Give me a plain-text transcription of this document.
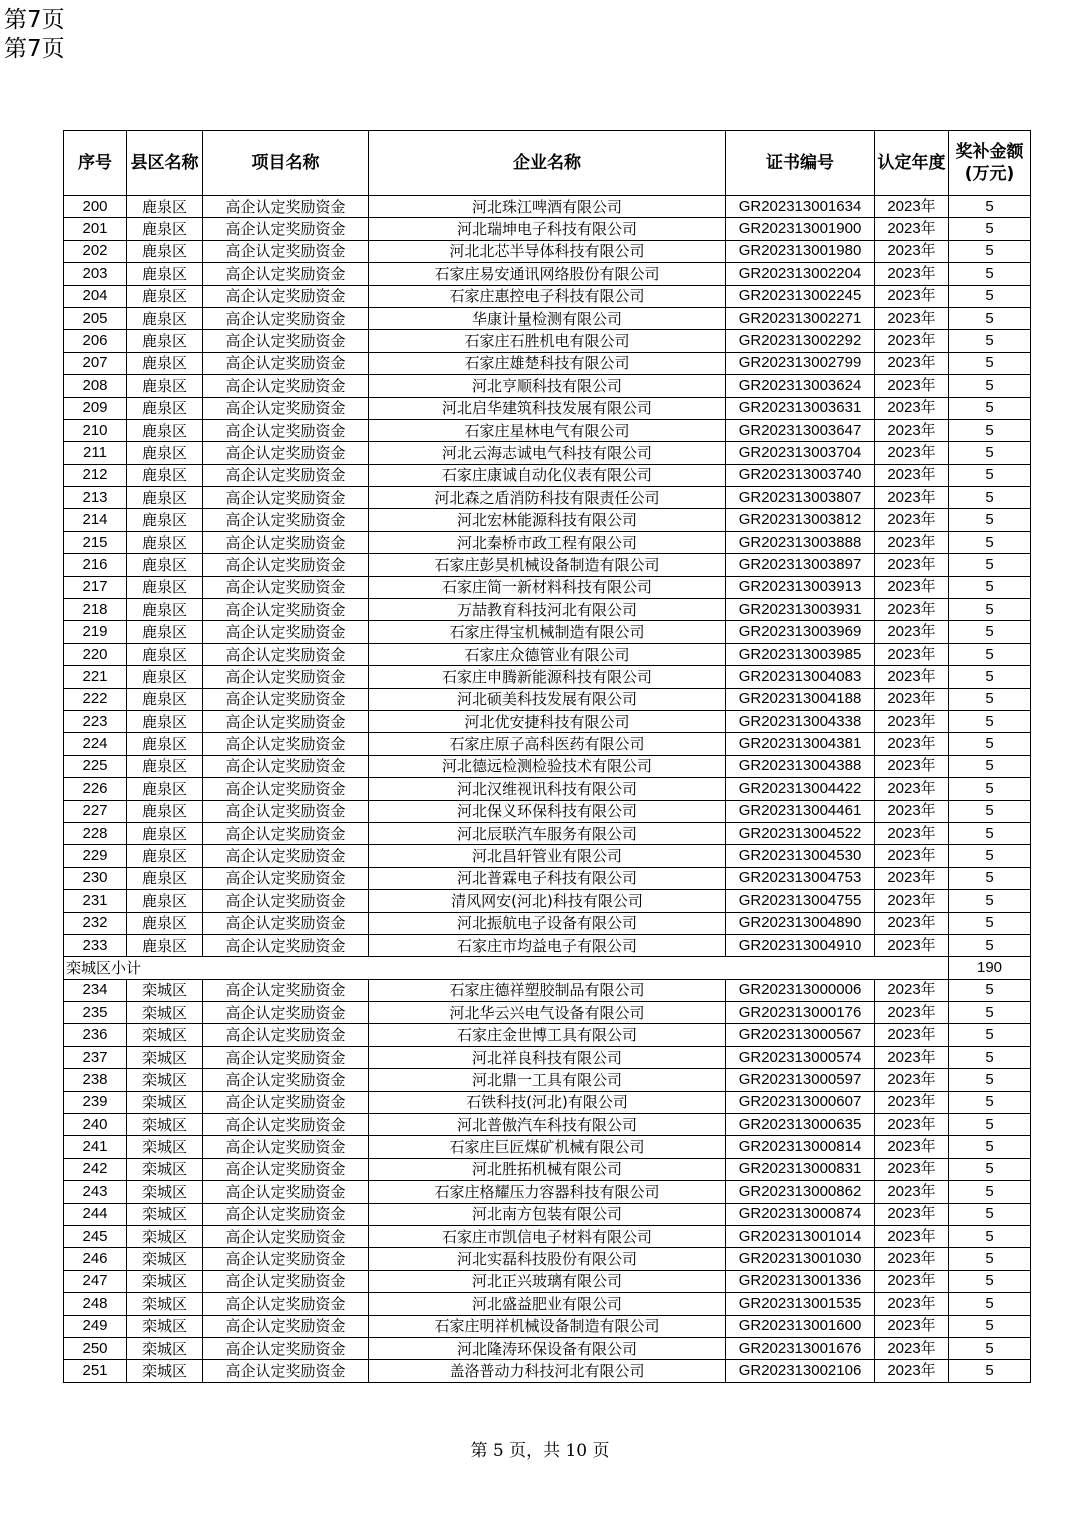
第7页
第7页
序号	县区名称	项目名称	企业名称	证书编号	认定年度	奖补金额
(万元)

200	鹿泉区	高企认定奖励资金	河北珠江啤酒有限公司	GR202313001634	2023年	5
201	鹿泉区	高企认定奖励资金	河北瑞坤电子科技有限公司	GR202313001900	2023年	5
202	鹿泉区	高企认定奖励资金	河北北芯半导体科技有限公司	GR202313001980	2023年	5
203	鹿泉区	高企认定奖励资金	石家庄易安通讯网络股份有限公司	GR202313002204	2023年	5
204	鹿泉区	高企认定奖励资金	石家庄惠控电子科技有限公司	GR202313002245	2023年	5
205	鹿泉区	高企认定奖励资金	华康计量检测有限公司	GR202313002271	2023年	5
206	鹿泉区	高企认定奖励资金	石家庄石胜机电有限公司	GR202313002292	2023年	5
207	鹿泉区	高企认定奖励资金	石家庄雄楚科技有限公司	GR202313002799	2023年	5
208	鹿泉区	高企认定奖励资金	河北亨顺科技有限公司	GR202313003624	2023年	5
209	鹿泉区	高企认定奖励资金	河北启华建筑科技发展有限公司	GR202313003631	2023年	5
210	鹿泉区	高企认定奖励资金	石家庄星林电气有限公司	GR202313003647	2023年	5
211	鹿泉区	高企认定奖励资金	河北云海志诚电气科技有限公司	GR202313003704	2023年	5
212	鹿泉区	高企认定奖励资金	石家庄康诚自动化仪表有限公司	GR202313003740	2023年	5
213	鹿泉区	高企认定奖励资金	河北森之盾消防科技有限责任公司	GR202313003807	2023年	5
214	鹿泉区	高企认定奖励资金	河北宏林能源科技有限公司	GR202313003812	2023年	5
215	鹿泉区	高企认定奖励资金	河北秦桥市政工程有限公司	GR202313003888	2023年	5
216	鹿泉区	高企认定奖励资金	石家庄彭昊机械设备制造有限公司	GR202313003897	2023年	5
217	鹿泉区	高企认定奖励资金	石家庄简一新材料科技有限公司	GR202313003913	2023年	5
218	鹿泉区	高企认定奖励资金	万喆教育科技河北有限公司	GR202313003931	2023年	5
219	鹿泉区	高企认定奖励资金	石家庄得宝机械制造有限公司	GR202313003969	2023年	5
220	鹿泉区	高企认定奖励资金	石家庄众德管业有限公司	GR202313003985	2023年	5
221	鹿泉区	高企认定奖励资金	石家庄申腾新能源科技有限公司	GR202313004083	2023年	5
222	鹿泉区	高企认定奖励资金	河北硕美科技发展有限公司	GR202313004188	2023年	5
223	鹿泉区	高企认定奖励资金	河北优安捷科技有限公司	GR202313004338	2023年	5
224	鹿泉区	高企认定奖励资金	石家庄原子高科医药有限公司	GR202313004381	2023年	5
225	鹿泉区	高企认定奖励资金	河北德远检测检验技术有限公司	GR202313004388	2023年	5
226	鹿泉区	高企认定奖励资金	河北汉维视讯科技有限公司	GR202313004422	2023年	5
227	鹿泉区	高企认定奖励资金	河北保义环保科技有限公司	GR202313004461	2023年	5
228	鹿泉区	高企认定奖励资金	河北辰联汽车服务有限公司	GR202313004522	2023年	5
229	鹿泉区	高企认定奖励资金	河北昌轩管业有限公司	GR202313004530	2023年	5
230	鹿泉区	高企认定奖励资金	河北普霖电子科技有限公司	GR202313004753	2023年	5
231	鹿泉区	高企认定奖励资金	清风网安(河北)科技有限公司	GR202313004755	2023年	5
232	鹿泉区	高企认定奖励资金	河北振航电子设备有限公司	GR202313004890	2023年	5
233	鹿泉区	高企认定奖励资金	石家庄市均益电子有限公司	GR202313004910	2023年	5
栾城区小计						190
234	栾城区	高企认定奖励资金	石家庄德祥塑胶制品有限公司	GR202313000006	2023年	5
235	栾城区	高企认定奖励资金	河北华云兴电气设备有限公司	GR202313000176	2023年	5
236	栾城区	高企认定奖励资金	石家庄金世博工具有限公司	GR202313000567	2023年	5
237	栾城区	高企认定奖励资金	河北祥良科技有限公司	GR202313000574	2023年	5
238	栾城区	高企认定奖励资金	河北鼎一工具有限公司	GR202313000597	2023年	5
239	栾城区	高企认定奖励资金	石铁科技(河北)有限公司	GR202313000607	2023年	5
240	栾城区	高企认定奖励资金	河北普傲汽车科技有限公司	GR202313000635	2023年	5
241	栾城区	高企认定奖励资金	石家庄巨匠煤矿机械有限公司	GR202313000814	2023年	5
242	栾城区	高企认定奖励资金	河北胜拓机械有限公司	GR202313000831	2023年	5
243	栾城区	高企认定奖励资金	石家庄格耀压力容器科技有限公司	GR202313000862	2023年	5
244	栾城区	高企认定奖励资金	河北南方包装有限公司	GR202313000874	2023年	5
245	栾城区	高企认定奖励资金	石家庄市凯信电子材料有限公司	GR202313001014	2023年	5
246	栾城区	高企认定奖励资金	河北实磊科技股份有限公司	GR202313001030	2023年	5
247	栾城区	高企认定奖励资金	河北正兴玻璃有限公司	GR202313001336	2023年	5
248	栾城区	高企认定奖励资金	河北盛益肥业有限公司	GR202313001535	2023年	5
249	栾城区	高企认定奖励资金	石家庄明祥机械设备制造有限公司	GR202313001600	2023年	5
250	栾城区	高企认定奖励资金	河北隆涛环保设备有限公司	GR202313001676	2023年	5
251	栾城区	高企认定奖励资金	盖洛普动力科技河北有限公司	GR202313002106	2023年	5
第 5 页，共 10 页
